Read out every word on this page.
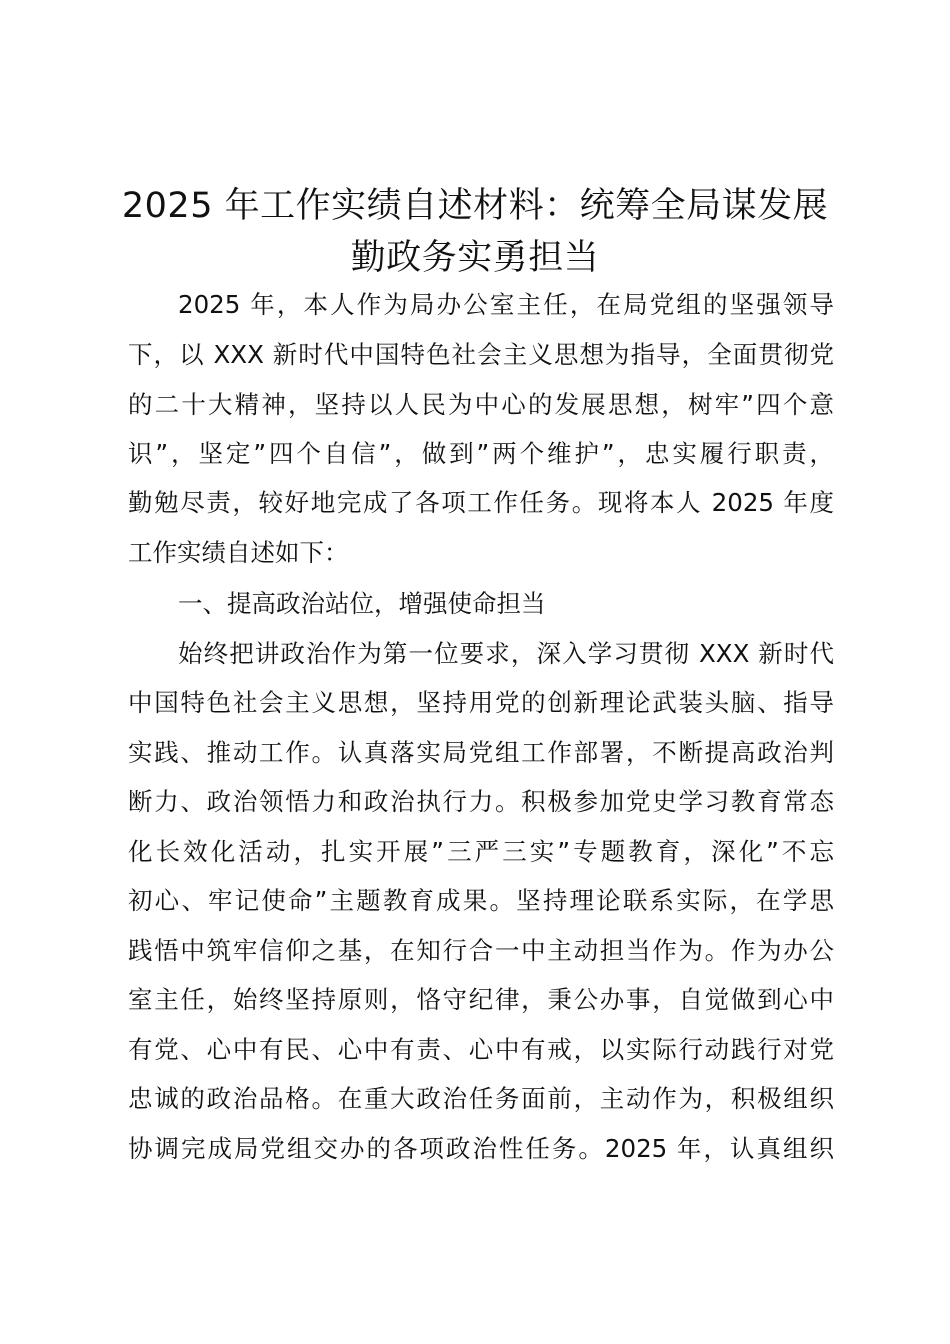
2025 年工作实绩自述材料：统筹全局谋发展
勤政务实勇担当
2025 年，本人作为局办公室主任，在局党组的坚强领导
下，以 XXX 新时代中国特色社会主义思想为指导，全面贯彻党
的二十大精神，坚持以人民为中心的发展思想，树牢”四个意
识”，坚定”四个自信”，做到”两个维护”，忠实履行职责，
勤勉尽责，较好地完成了各项工作任务。现将本人 2025 年度
工作实绩自述如下：
一、提高政治站位，增强使命担当
始终把讲政治作为第一位要求，深入学习贯彻 XXX 新时代
中国特色社会主义思想，坚持用党的创新理论武装头脑、指导
实践、推动工作。认真落实局党组工作部署，不断提高政治判
断力、政治领悟力和政治执行力。积极参加党史学习教育常态
化长效化活动，扎实开展”三严三实”专题教育，深化”不忘
初心、牢记使命”主题教育成果。坚持理论联系实际，在学思
践悟中筑牢信仰之基，在知行合一中主动担当作为。作为办公
室主任，始终坚持原则，恪守纪律，秉公办事，自觉做到心中
有党、心中有民、心中有责、心中有戒，以实际行动践行对党
忠诚的政治品格。在重大政治任务面前，主动作为，积极组织
协调完成局党组交办的各项政治性任务。2025 年，认真组织
